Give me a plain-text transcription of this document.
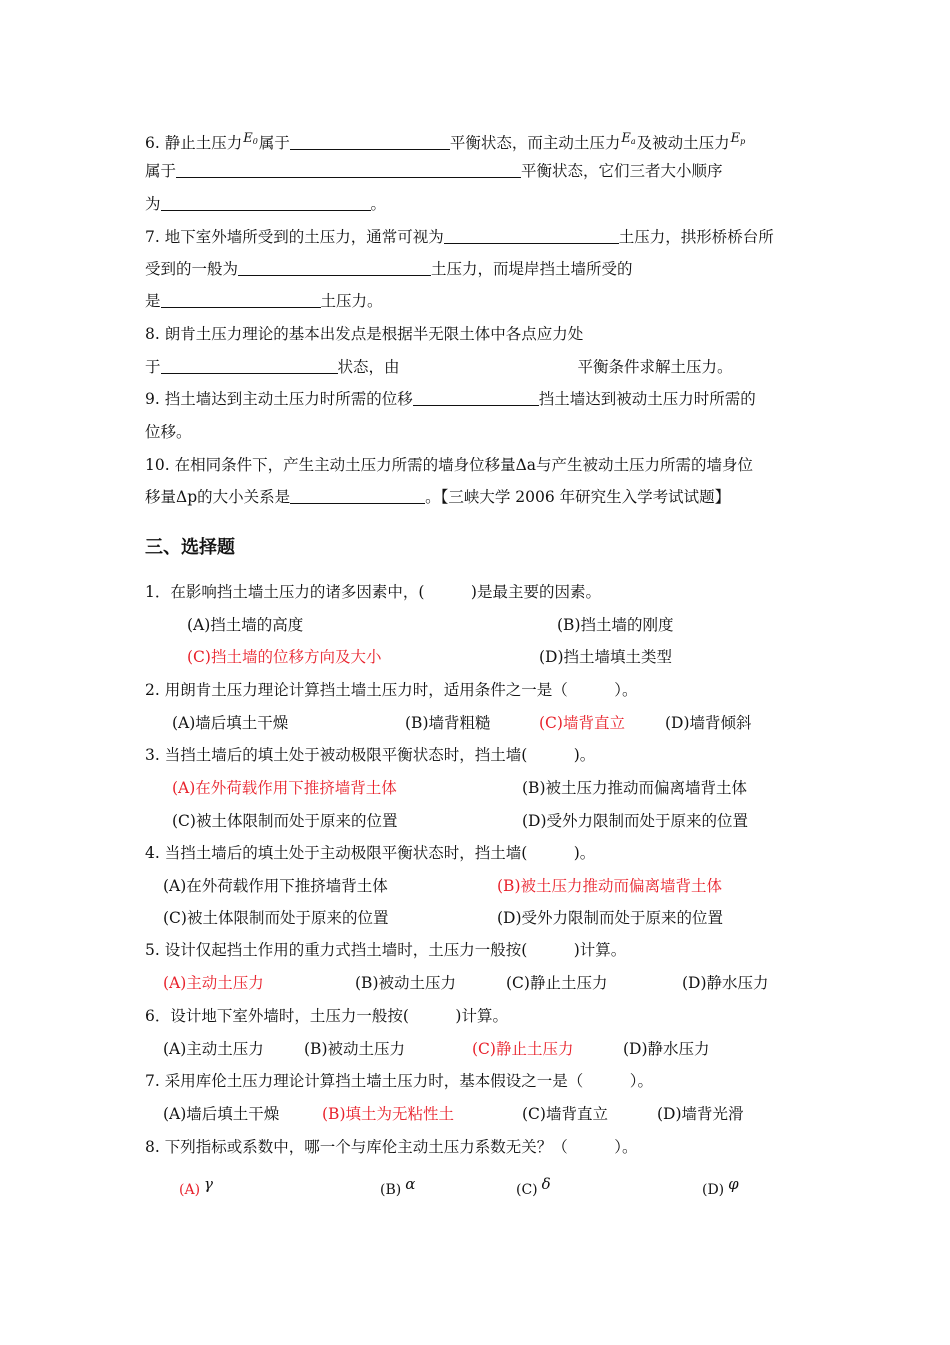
6. 静止土压力$^{E_0}$属于	平衡状态，而主动土压力$^{E_a}$及被动土压力$^{E_p}$
属于	平衡状态，它们三者大小顺序
为	。
7. 地下室外墙所受到的土压力，通常可视为	土压力，拱形桥桥台所
受到的一般为	土压力，而堤岸挡土墙所受的
是	土压力。
8. 朗肯土压力理论的基本出发点是根据半无限土体中各点应力处
于	状态，由	平衡条件求解土压力。
9. 挡土墙达到主动土压力时所需的位移	挡土墙达到被动土压力时所需的
位移。
10. 在相同条件下，产生主动土压力所需的墙身位移量Δa与产生被动土压力所需的墙身位
移量Δp的大小关系是	。【三峡大学 2006 年研究生入学考试试题】
三、选择题
1．在影响挡土墙土压力的诸多因素中，(　　　)是最主要的因素。
(A)挡土墙的高度	(B)挡土墙的刚度
(C)挡土墙的位移方向及大小	(D)挡土墙填土类型
2. 用朗肯土压力理论计算挡土墙土压力时，适用条件之一是（　　　）。
(A)墙后填土干燥	(B)墙背粗糙	(C)墙背直立	(D)墙背倾斜
3. 当挡土墙后的填土处于被动极限平衡状态时，挡土墙(　　　)。
(A)在外荷载作用下推挤墙背土体	(B)被土压力推动而偏离墙背土体
(C)被土体限制而处于原来的位置	(D)受外力限制而处于原来的位置
4. 当挡土墙后的填土处于主动极限平衡状态时，挡土墙(　　　)。
(A)在外荷载作用下推挤墙背土体	(B)被土压力推动而偏离墙背土体
(C)被土体限制而处于原来的位置	(D)受外力限制而处于原来的位置
5. 设计仅起挡土作用的重力式挡土墙时，土压力一般按(　　　)计算。
(A)主动土压力	(B)被动土压力	(C)静止土压力	(D)静水压力
6．设计地下室外墙时，土压力一般按(　　　)计算。
(A)主动土压力	(B)被动土压力	(C)静止土压力	(D)静水压力
7. 采用库伦土压力理论计算挡土墙土压力时，基本假设之一是（　　　）。
(A)墙后填土干燥	(B)填土为无粘性土	(C)墙背直立	(D)墙背光滑
8. 下列指标或系数中，哪一个与库伦主动土压力系数无关？（　　　）。
(A) γ	(B) α	(C) δ	(D) φ
